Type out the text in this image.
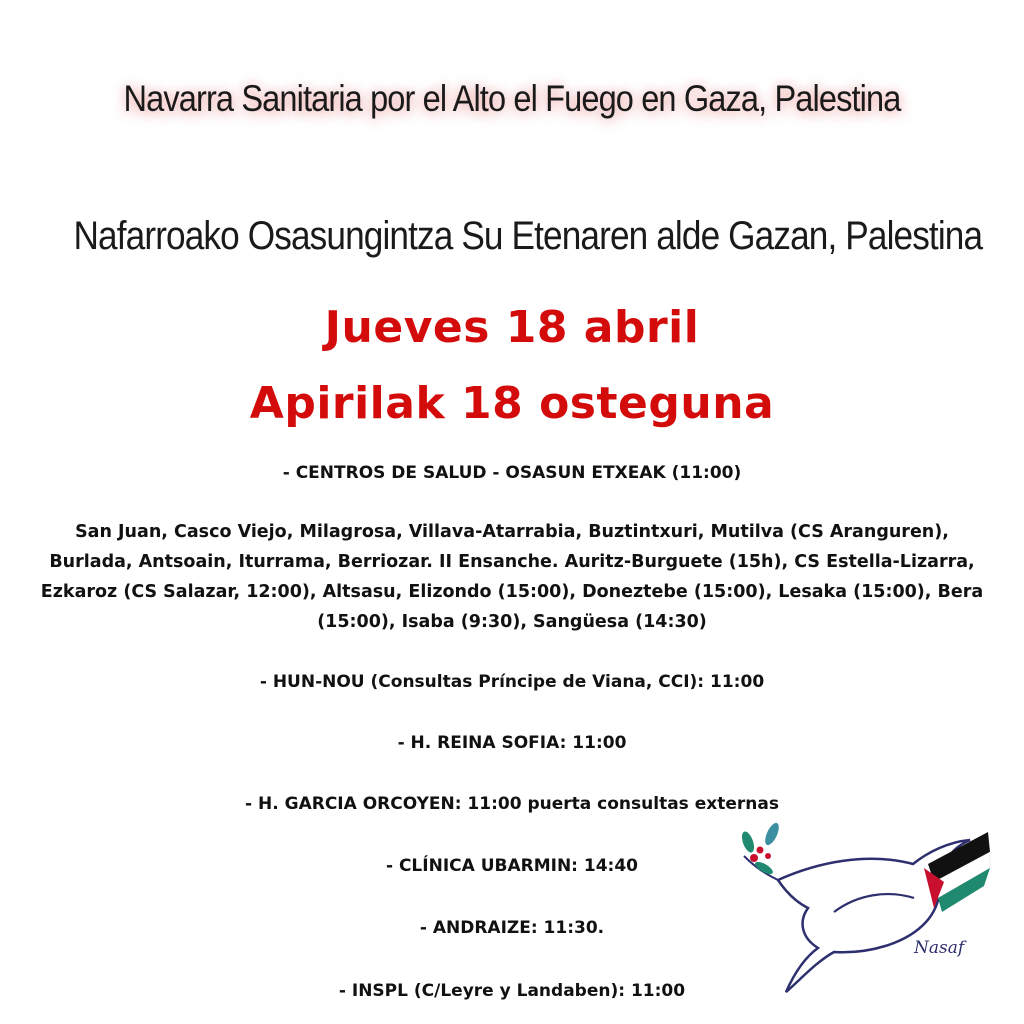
Navarra Sanitaria por el Alto el Fuego en Gaza, Palestina
Nafarroako Osasungintza Su Etenaren alde Gazan, Palestina
Jueves 18 abril
Apirilak 18 osteguna
- CENTROS DE SALUD - OSASUN ETXEAK (11:00)
San Juan, Casco Viejo, Milagrosa, Villava-Atarrabia, Buztintxuri, Mutilva (CS Aranguren), Burlada, Antsoain, Iturrama, Berriozar. II Ensanche. Auritz-Burguete (15h), CS Estella-Lizarra, Ezkaroz (CS Salazar, 12:00), Altsasu, Elizondo (15:00), Doneztebe (15:00), Lesaka (15:00), Bera (15:00), Isaba (9:30), Sangüesa (14:30)
- HUN-NOU (Consultas Príncipe de Viana, CCI): 11:00
- H. REINA SOFIA: 11:00
- H. GARCIA ORCOYEN: 11:00 puerta consultas externas
- CLÍNICA UBARMIN: 14:40
- ANDRAIZE: 11:30.
- INSPL (C/Leyre y Landaben): 11:00
Nasaf
